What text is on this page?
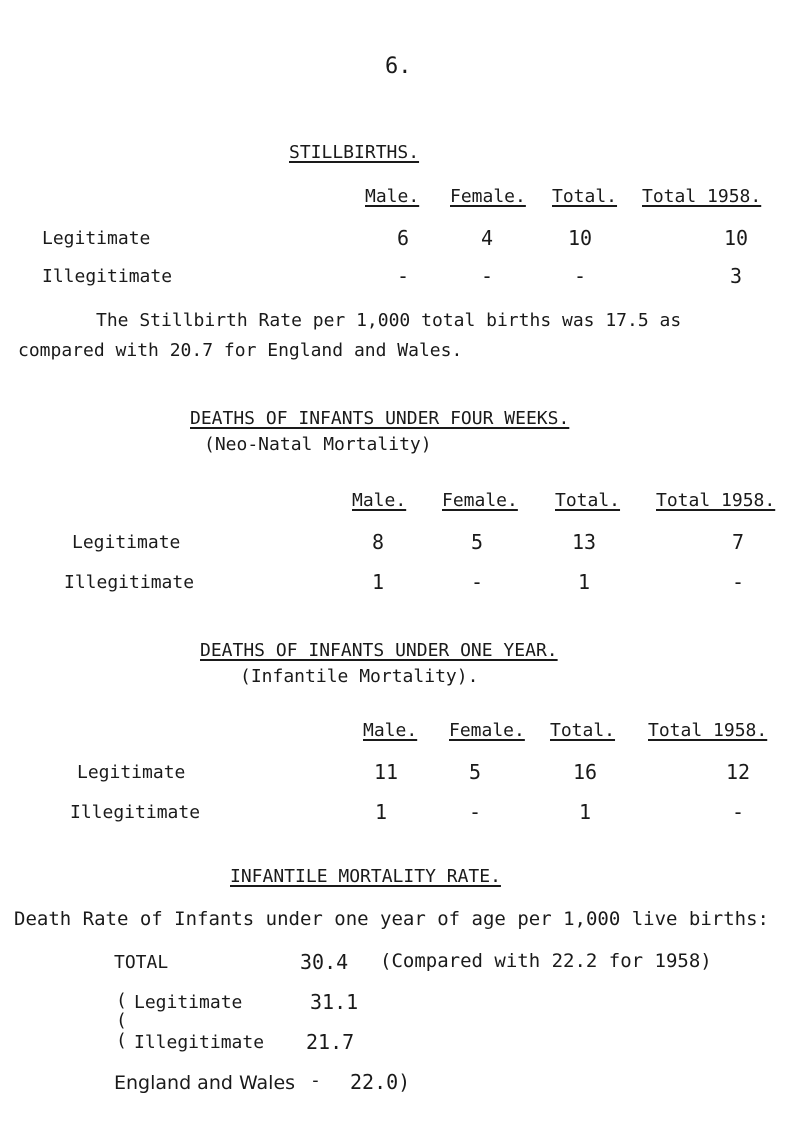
6.
STILLBIRTHS.
Male. Female. Total. Total 1958.
Legitimate	6	4	10	10
Illegitimate	-	-	-	3
The Stillbirth Rate per 1,000 total births was 17.5 as
compared with 20.7 for England and Wales.
DEATHS OF INFANTS UNDER FOUR WEEKS.
(Neo-Natal Mortality)
Male. Female. Total. Total 1958.
Legitimate	8	5	13	7
Illegitimate	1	-	1	-
DEATHS OF INFANTS UNDER ONE YEAR.
(Infantile Mortality).
Male. Female. Total. Total 1958.
Legitimate	11	5	16	12
Illegitimate	1	-	1	-
INFANTILE MORTALITY RATE.
Death Rate of Infants under one year of age per 1,000 live births:
TOTAL	30.4 (Compared with 22.2 for 1958)
(
(
(
Legitimate	31.1
Illegitimate 21.7
England and Wales - 22.0)
